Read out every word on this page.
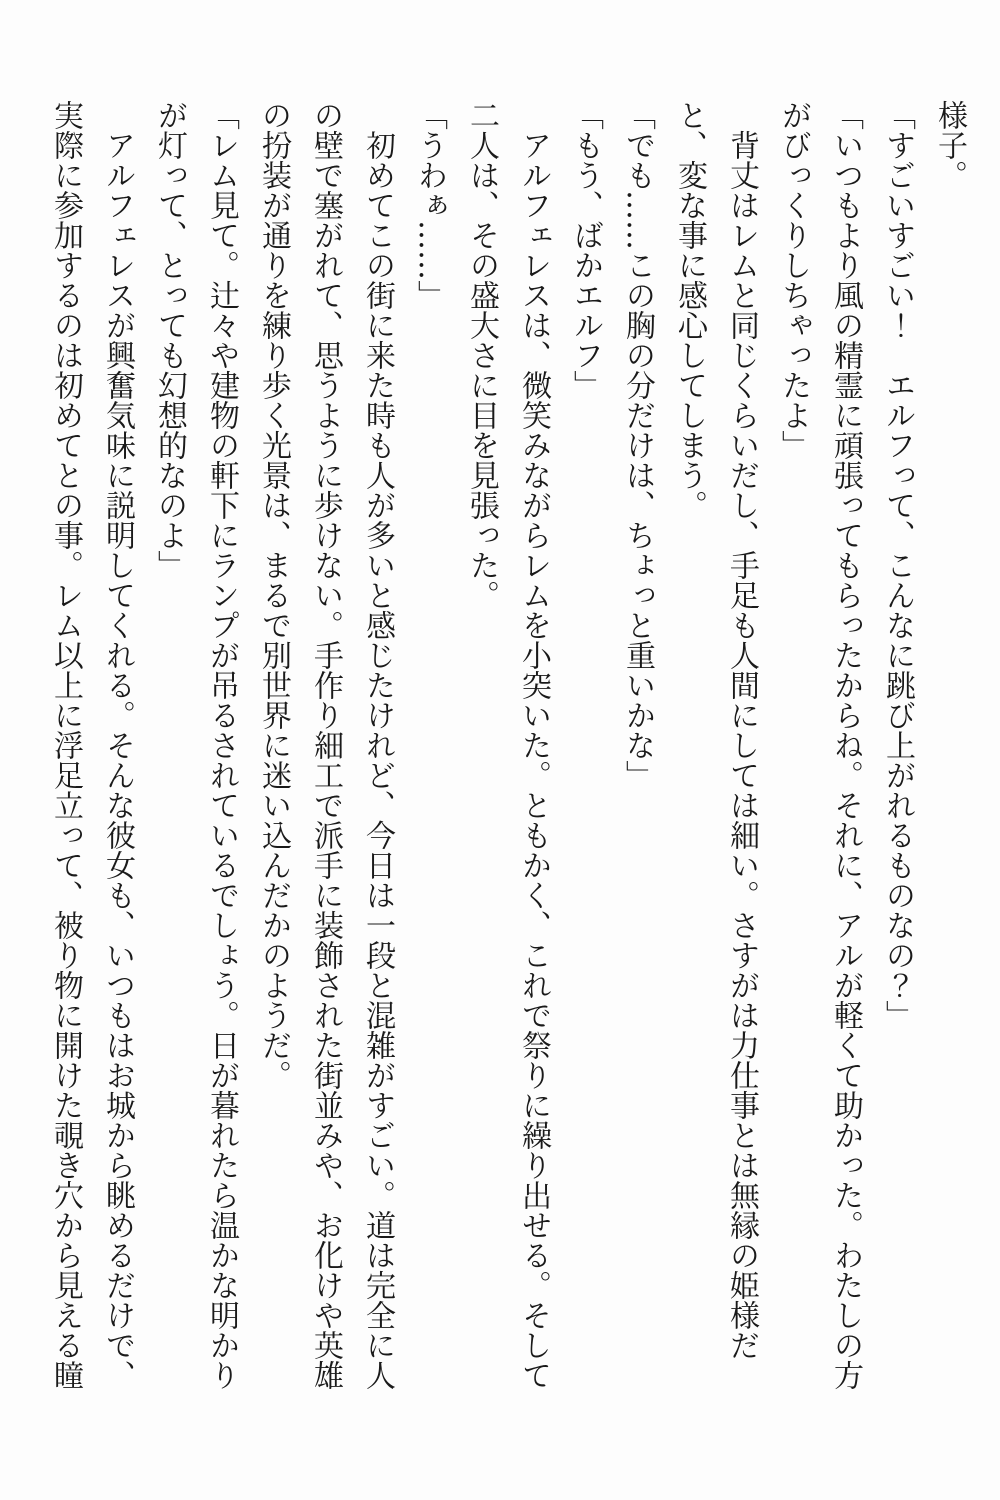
様子。
「すごいすごい！　エルフって、こんなに跳び上がれるものなの？」
「いつもより風の精霊に頑張ってもらったからね。それに、アルが軽くて助かった。わたしの方
がびっくりしちゃったよ」
　背丈はレムと同じくらいだし、手足も人間にしては細い。さすがは力仕事とは無縁の姫様だ
と、変な事に感心してしまう。
「でも……この胸の分だけは、ちょっと重いかな」
「もう、ばかエルフ」
　アルフェレスは、微笑みながらレムを小突いた。ともかく、これで祭りに繰り出せる。そして
二人は、その盛大さに目を見張った。
「うわぁ……」
　初めてこの街に来た時も人が多いと感じたけれど、今日は一段と混雑がすごい。道は完全に人
の壁で塞がれて、思うように歩けない。手作り細工で派手に装飾された街並みや、お化けや英雄
の扮装が通りを練り歩く光景は、まるで別世界に迷い込んだかのようだ。
「レム見て。辻々や建物の軒下にランプが吊るされているでしょう。日が暮れたら温かな明かり
が灯って、とっても幻想的なのよ」
　アルフェレスが興奮気味に説明してくれる。そんな彼女も、いつもはお城から眺めるだけで、
実際に参加するのは初めてとの事。レム以上に浮足立って、被り物に開けた覗き穴から見える瞳
